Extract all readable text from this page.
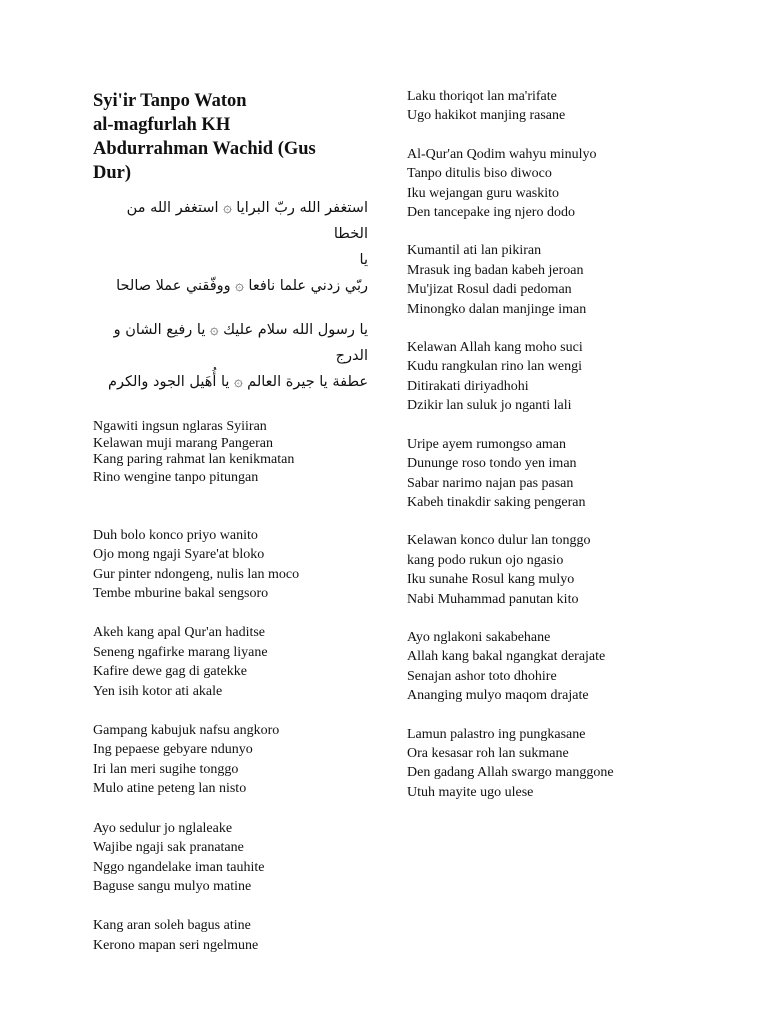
Syi'ir Tanpo Waton
al-magfurlah KH
Abdurrahman Wachid (Gus
Dur)

استغفر الله ربّ البرايا ۞ استغفر الله من الخطا
يا
ربّي زدني علما نافعا ۞ ووفّقني عملا صالحا

يا رسول الله سلام عليك ۞ يا رفيع الشان و
الدرج
عطفة يا جيرة العالم ۞ يا أُهَيل الجود والكرم

Ngawiti ingsun nglaras Syiiran
Kelawan muji marang Pangeran
Kang paring rahmat lan kenikmatan
Rino wengine tanpo pitungan
Duh bolo konco priyo wanito
Ojo mong ngaji Syare'at bloko
Gur pinter ndongeng, nulis lan moco
Tembe mburine bakal sengsoro
Akeh kang apal Qur'an haditse
Seneng ngafirke marang liyane
Kafire dewe gag di gatekke
Yen isih kotor ati akale
Gampang kabujuk nafsu angkoro
Ing pepaese gebyare ndunyo
Iri lan meri sugihe tonggo
Mulo atine peteng lan nisto
Ayo sedulur jo nglaleake
Wajibe ngaji sak pranatane
Nggo ngandelake iman tauhite
Baguse sangu mulyo matine
Kang aran soleh bagus atine
Kerono mapan seri ngelmune
Laku thoriqot lan ma'rifate
Ugo hakikot manjing rasane
Al-Qur'an Qodim wahyu minulyo
Tanpo ditulis biso diwoco
Iku wejangan guru waskito
Den tancepake ing njero dodo
Kumantil ati lan pikiran
Mrasuk ing badan kabeh jeroan
Mu'jizat Rosul dadi pedoman
Minongko dalan manjinge iman
Kelawan Allah kang moho suci
Kudu rangkulan rino lan wengi
Ditirakati diriyadhohi
Dzikir lan suluk jo nganti lali
Uripe ayem rumongso aman
Dununge roso tondo yen iman
Sabar narimo najan pas pasan
Kabeh tinakdir saking pengeran
Kelawan konco dulur lan tonggo
kang podo rukun ojo ngasio
Iku sunahe Rosul kang mulyo
Nabi Muhammad panutan kito
Ayo nglakoni sakabehane
Allah kang bakal ngangkat derajate
Senajan ashor toto dhohire
Ananging mulyo maqom drajate
Lamun palastro ing pungkasane
Ora kesasar roh lan sukmane
Den gadang Allah swargo manggone
Utuh mayite ugo ulese
